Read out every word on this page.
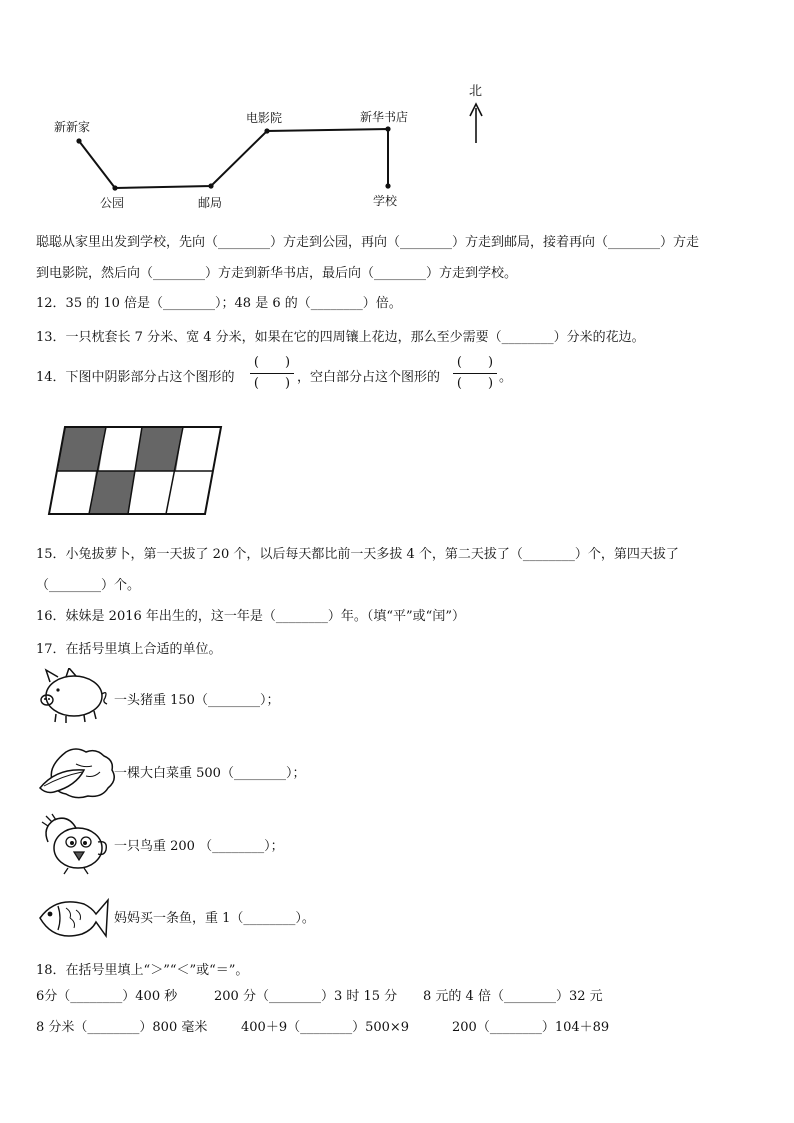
北
新新家
公园	邮局
电影院	新华书店
学校
聪聪从家里出发到学校，先向（________）方走到公园，再向（________）方走到邮局，接着再向（________）方走
到电影院，然后向（________）方走到新华书店，最后向（________）方走到学校。
12．35 的 10 倍是（________）；48 是 6 的（________）倍。
13．一只枕套长 7 分米、宽 4 分米，如果在它的四周镶上花边，那么至少需要（________）分米的花边。
14．下图中阴影部分占这个图形的
(　　)
(　　) ，空白部分占这个图形的
(　　)
(　　) 。
15．小兔拔萝卜，第一天拔了 20 个，以后每天都比前一天多拔 4 个，第二天拔了（________）个，第四天拔了
（________）个。
16．妹妹是 2016 年出生的，这一年是（________）年。（填“平”或“闰”）
17．在括号里填上合适的单位。
一头猪重 150（________）；
一棵大白菜重 500（________）；
一只鸟重 200 （________）；
妈妈买一条鱼，重 1（________）。
18．在括号里填上“＞”“＜”或“＝”。
6分（________）400 秒	200 分（________）3 时 15 分 8 元的 4 倍（________）32 元
8 分米（________）800 毫米	400＋9（________）500×9	200（________）104＋89
